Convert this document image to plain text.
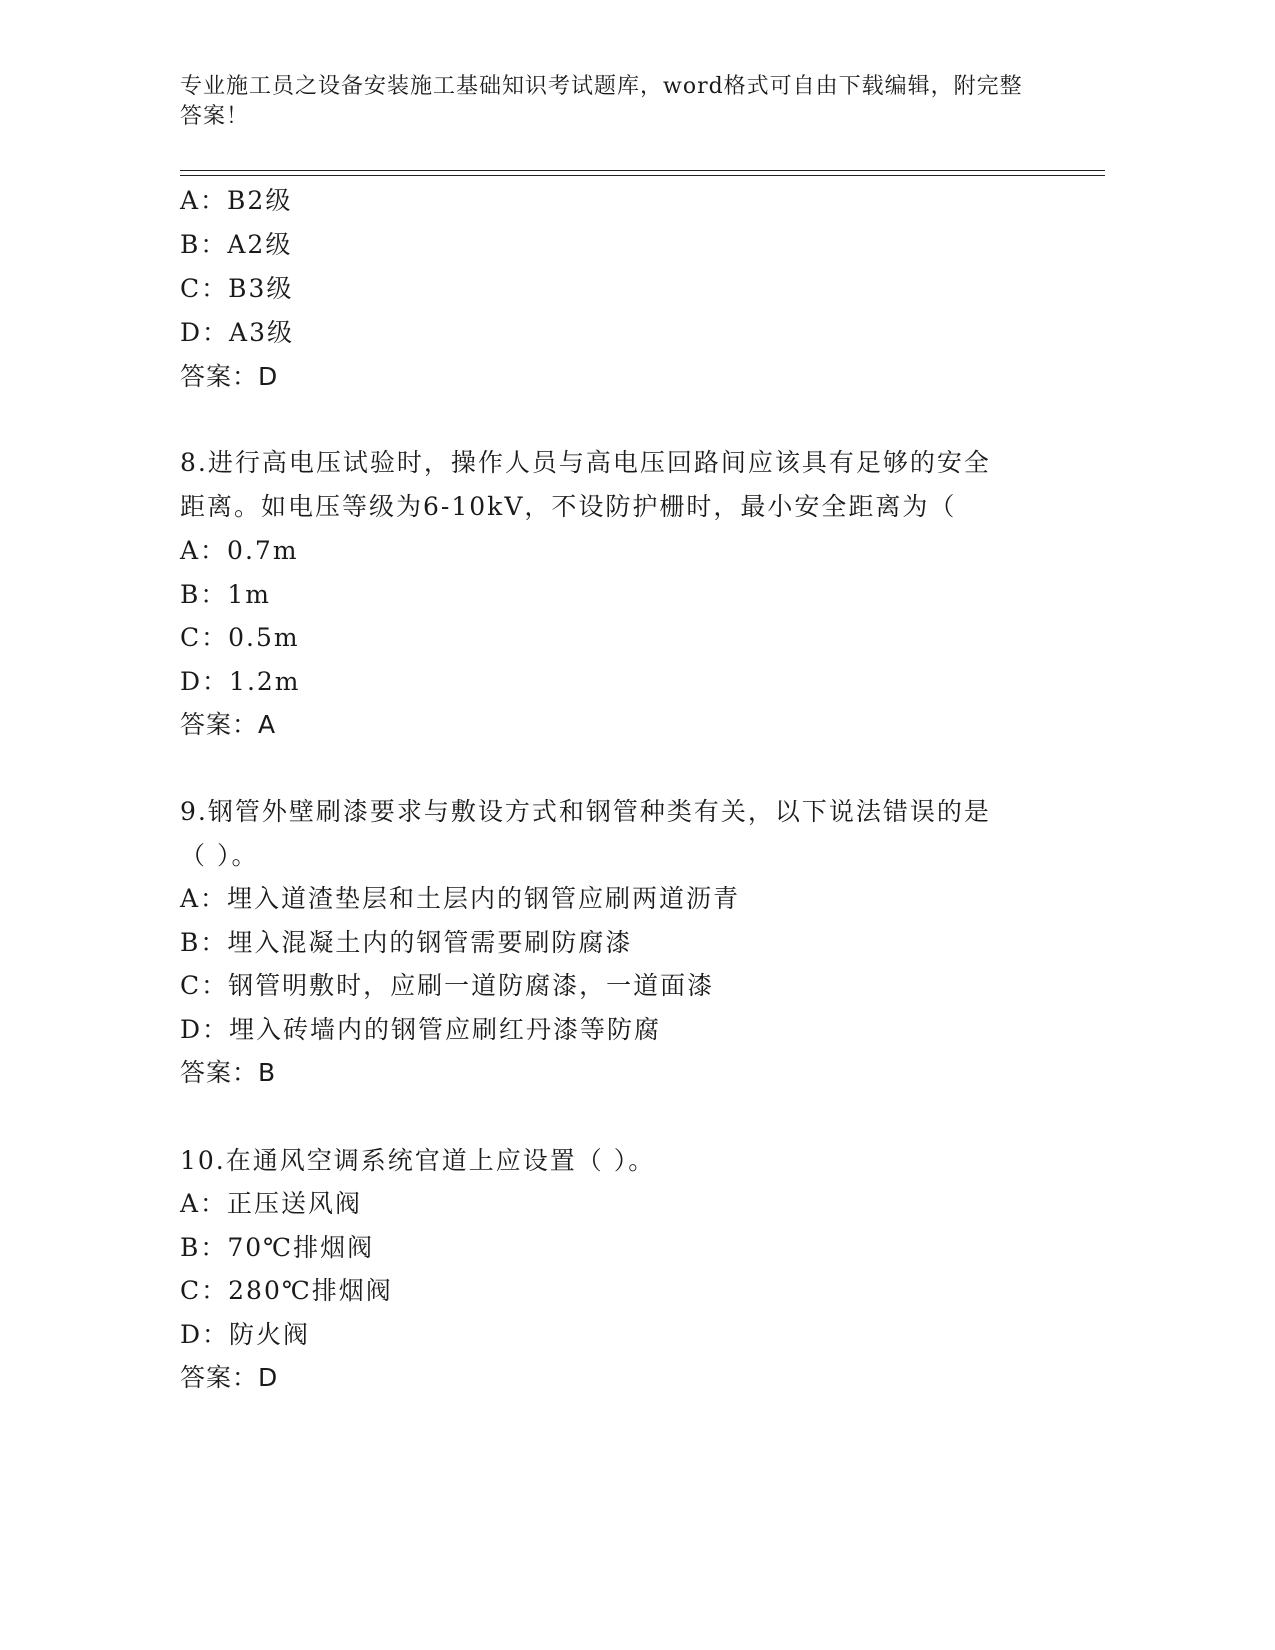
专业施工员之设备安装施工基础知识考试题库，word格式可自由下载编辑，附完整答案！
A：B2级
B：A2级
C：B3级
D：A3级
答案：D
8.进行高电压试验时，操作人员与高电压回路间应该具有足够的安全
距离。如电压等级为6-10kV，不设防护栅时，最小安全距离为（
A：0.7m
B：1m
C：0.5m
D：1.2m
答案：A
9.钢管外壁刷漆要求与敷设方式和钢管种类有关，以下说法错误的是
（ ）。
A：埋入道渣垫层和土层内的钢管应刷两道沥青
B：埋入混凝土内的钢管需要刷防腐漆
C：钢管明敷时，应刷一道防腐漆，一道面漆
D：埋入砖墙内的钢管应刷红丹漆等防腐
答案：B
10.在通风空调系统官道上应设置（ ）。
A：正压送风阀
B：70℃排烟阀
C：280℃排烟阀
D：防火阀
答案：D
